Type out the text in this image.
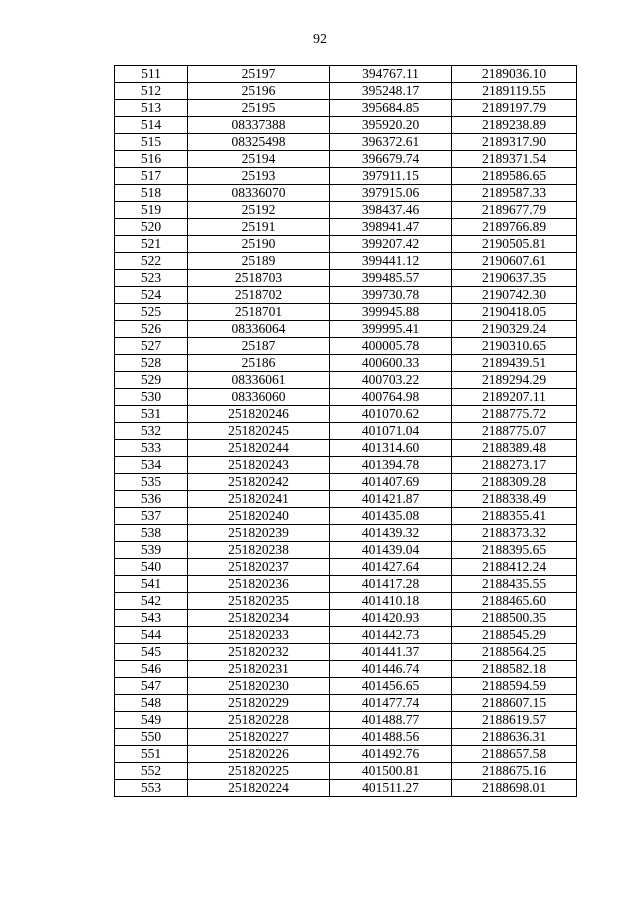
92
511	25197	394767.11	2189036.10
512	25196	395248.17	2189119.55
513	25195	395684.85	2189197.79
514	08337388	395920.20	2189238.89
515	08325498	396372.61	2189317.90
516	25194	396679.74	2189371.54
517	25193	397911.15	2189586.65
518	08336070	397915.06	2189587.33
519	25192	398437.46	2189677.79
520	25191	398941.47	2189766.89
521	25190	399207.42	2190505.81
522	25189	399441.12	2190607.61
523	2518703	399485.57	2190637.35
524	2518702	399730.78	2190742.30
525	2518701	399945.88	2190418.05
526	08336064	399995.41	2190329.24
527	25187	400005.78	2190310.65
528	25186	400600.33	2189439.51
529	08336061	400703.22	2189294.29
530	08336060	400764.98	2189207.11
531	251820246	401070.62	2188775.72
532	251820245	401071.04	2188775.07
533	251820244	401314.60	2188389.48
534	251820243	401394.78	2188273.17
535	251820242	401407.69	2188309.28
536	251820241	401421.87	2188338.49
537	251820240	401435.08	2188355.41
538	251820239	401439.32	2188373.32
539	251820238	401439.04	2188395.65
540	251820237	401427.64	2188412.24
541	251820236	401417.28	2188435.55
542	251820235	401410.18	2188465.60
543	251820234	401420.93	2188500.35
544	251820233	401442.73	2188545.29
545	251820232	401441.37	2188564.25
546	251820231	401446.74	2188582.18
547	251820230	401456.65	2188594.59
548	251820229	401477.74	2188607.15
549	251820228	401488.77	2188619.57
550	251820227	401488.56	2188636.31
551	251820226	401492.76	2188657.58
552	251820225	401500.81	2188675.16
553	251820224	401511.27	2188698.01
